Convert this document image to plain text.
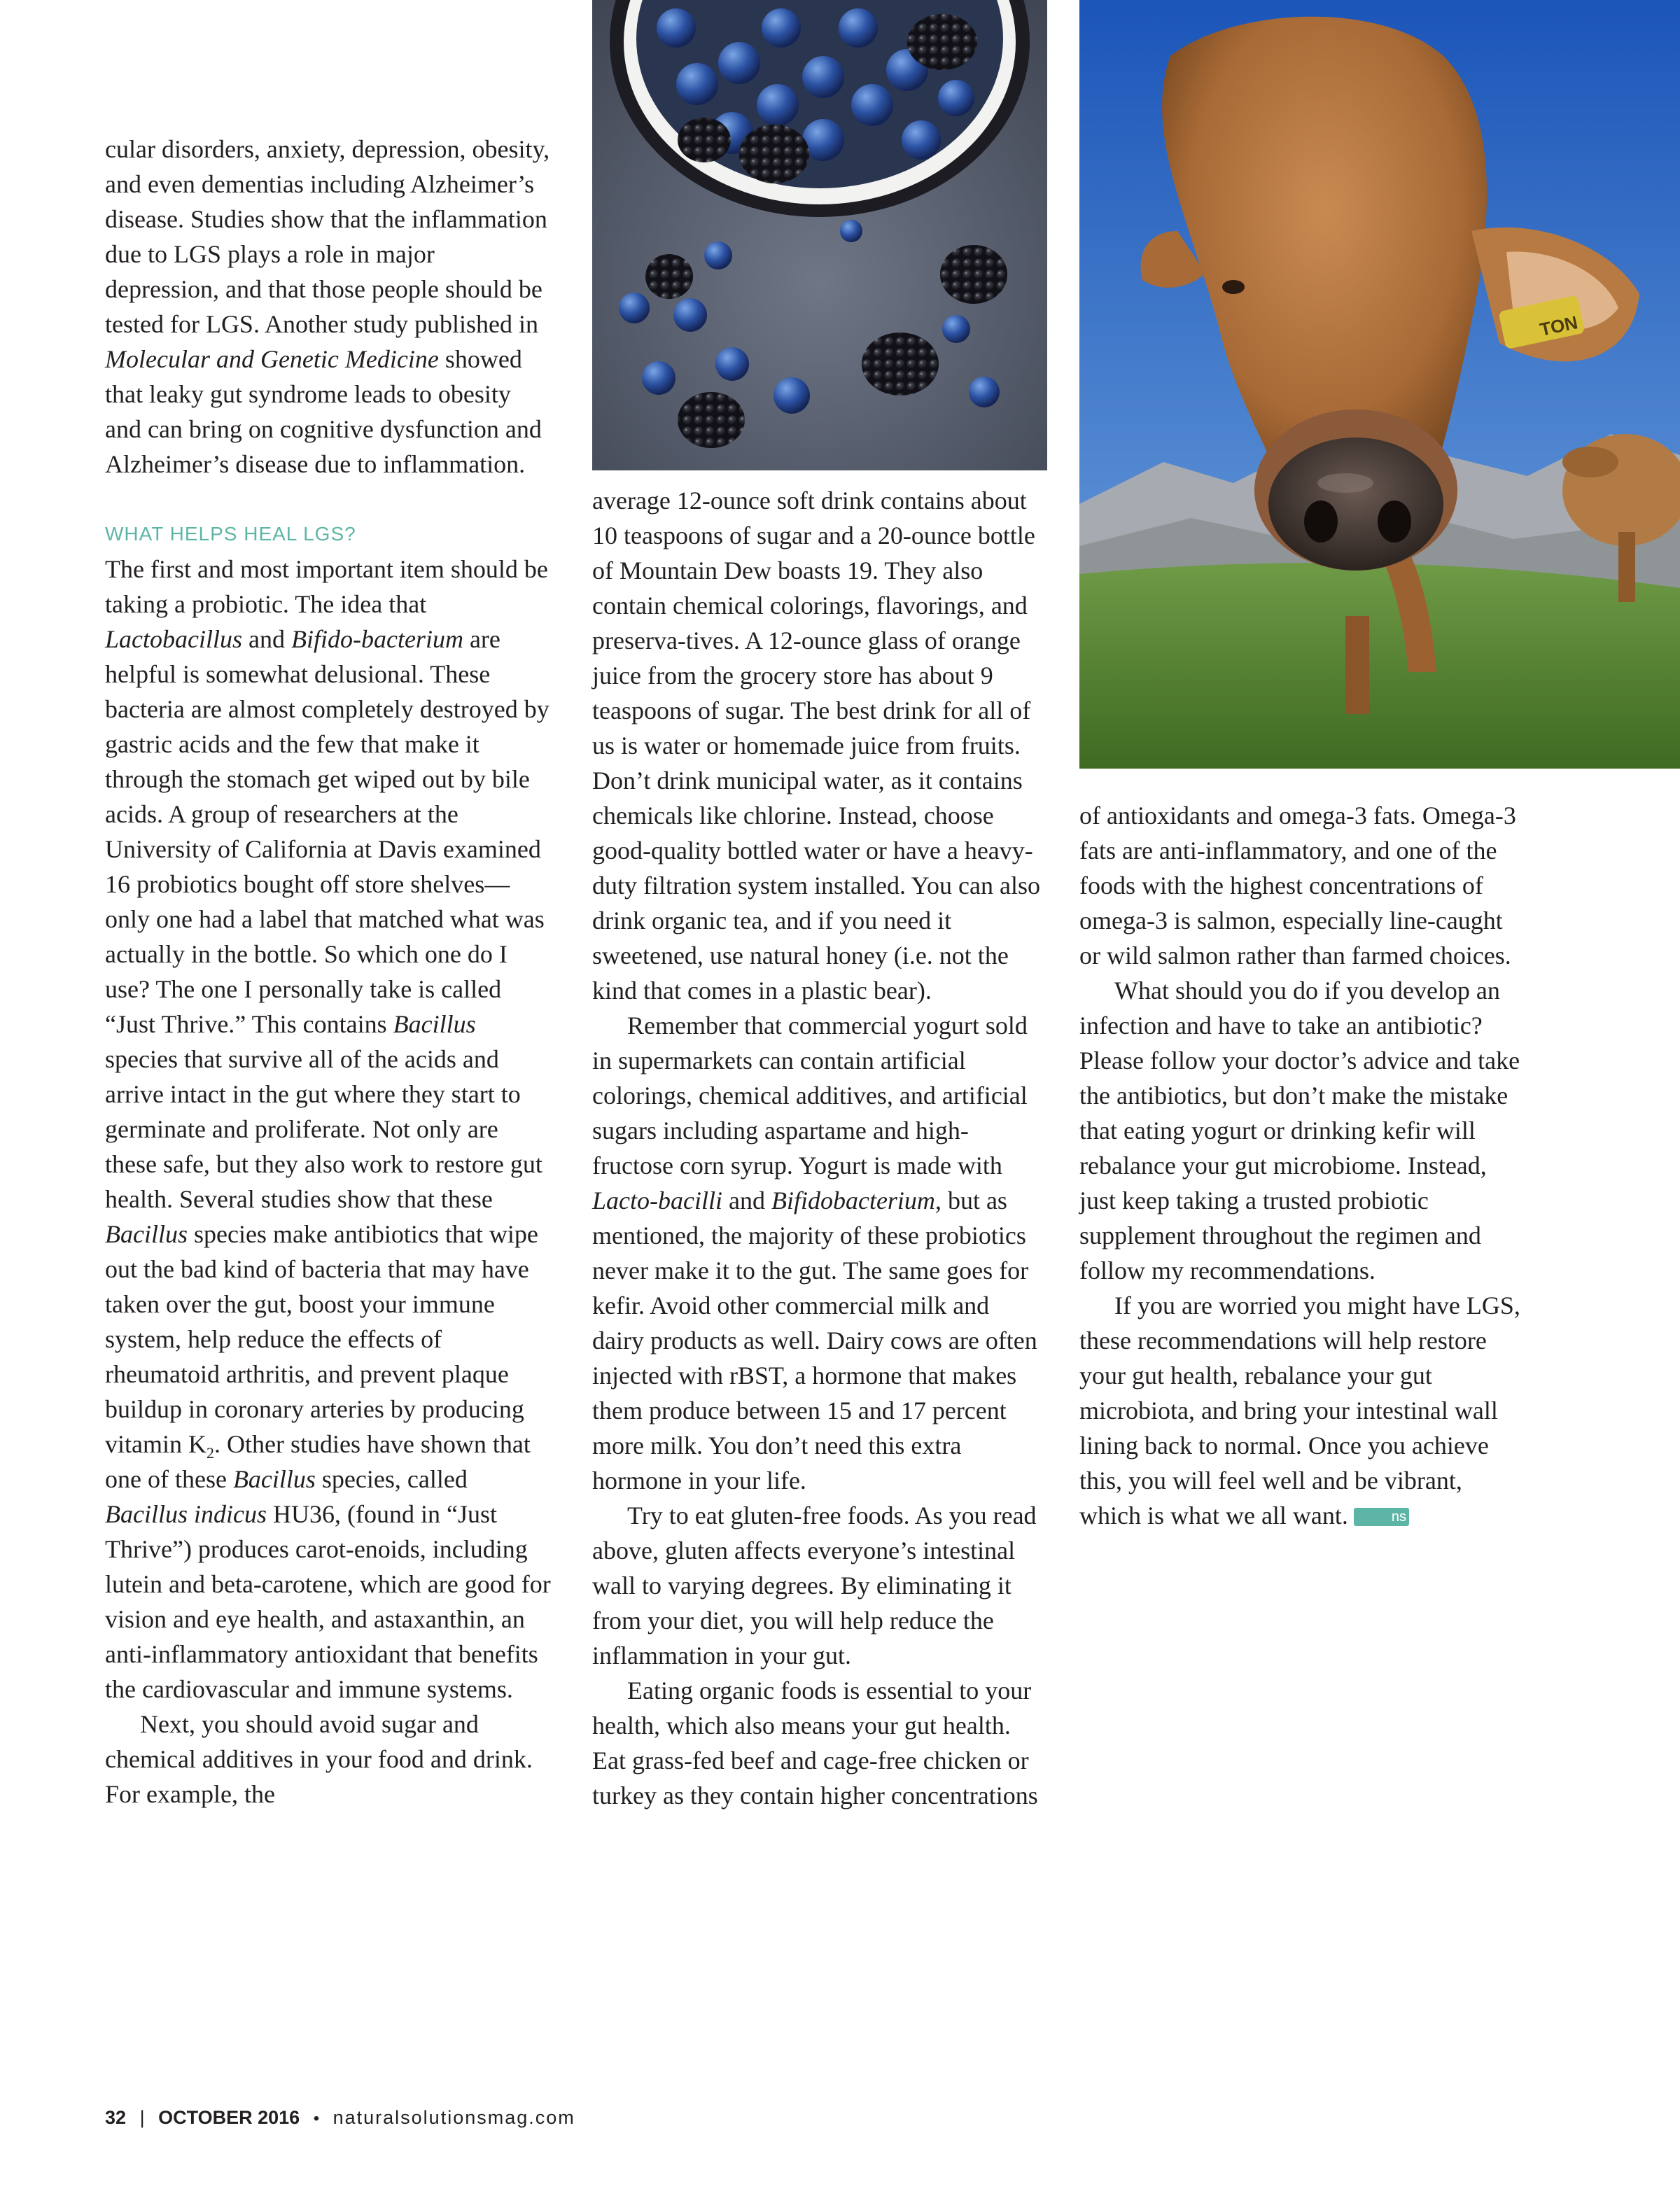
TON

cular disorders, anxiety, depression, obesity, and even dementias including Alzheimer’s disease. Studies show that the inflammation due to LGS plays a role in major depression, and that those people should be tested for LGS. Another study published in Molecular and Genetic Medicine showed that leaky gut syndrome leads to obesity and can bring on cognitive dysfunction and Alzheimer’s disease due to inflammation.

WHAT HELPS HEAL LGS?

The first and most important item should be taking a probiotic. The idea that Lactobacillus and Bifido-bacterium are helpful is somewhat delusional. These bacteria are almost completely destroyed by gastric acids and the few that make it through the stomach get wiped out by bile acids. A group of researchers at the University of California at Davis examined 16 probiotics bought off store shelves—only one had a label that matched what was actually in the bottle. So which one do I use? The one I personally take is called “Just Thrive.” This contains Bacillus species that survive all of the acids and arrive intact in the gut where they start to germinate and proliferate. Not only are these safe, but they also work to restore gut health. Several studies show that these Bacillus species make antibiotics that wipe out the bad kind of bacteria that may have taken over the gut, boost your immune system, help reduce the effects of rheumatoid arthritis, and prevent plaque buildup in coronary arteries by producing vitamin $K_2$. Other studies have shown that one of these Bacillus species, called Bacillus indicus HU36, (found in “Just Thrive”) produces carot-enoids, including lutein and beta-carotene, which are good for vision and eye health, and astaxanthin, an anti-inflammatory antioxidant that benefits the cardiovascular and immune systems.

Next, you should avoid sugar and chemical additives in your food and drink. For example, the

average 12-ounce soft drink contains about 10 teaspoons of sugar and a 20-ounce bottle of Mountain Dew boasts 19. They also contain chemical colorings, flavorings, and preserva-tives. A 12-ounce glass of orange juice from the grocery store has about 9 teaspoons of sugar. The best drink for all of us is water or homemade juice from fruits. Don’t drink municipal water, as it contains chemicals like chlorine. Instead, choose good-quality bottled water or have a heavy-duty filtration system installed. You can also drink organic tea, and if you need it sweetened, use natural honey (i.e. not the kind that comes in a plastic bear).

Remember that commercial yogurt sold in supermarkets can contain artificial colorings, chemical additives, and artificial sugars including aspartame and high-fructose corn syrup. Yogurt is made with Lacto-bacilli and Bifidobacterium, but as mentioned, the majority of these probiotics never make it to the gut. The same goes for kefir. Avoid other commercial milk and dairy products as well. Dairy cows are often injected with rBST, a hormone that makes them produce between 15 and 17 percent more milk. You don’t need this extra hormone in your life.

Try to eat gluten-free foods. As you read above, gluten affects everyone’s intestinal wall to varying degrees. By eliminating it from your diet, you will help reduce the inflammation in your gut.

Eating organic foods is essential to your health, which also means your gut health. Eat grass-fed beef and cage-free chicken or turkey as they contain higher concentrations

of antioxidants and omega-3 fats. Omega-3 fats are anti-inflammatory, and one of the foods with the highest concentrations of omega-3 is salmon, especially line-caught or wild salmon rather than farmed choices.

What should you do if you develop an infection and have to take an antibiotic? Please follow your doctor’s advice and take the antibiotics, but don’t make the mistake that eating yogurt or drinking kefir will rebalance your gut microbiome. Instead, just keep taking a trusted probiotic supplement throughout the regimen and follow my recommendations.

If you are worried you might have LGS, these recommendations will help restore your gut health, rebalance your gut microbiota, and bring your intestinal wall lining back to normal. Once you achieve this, you will feel well and be vibrant, which is what we all want.	ns

32 | OCTOBER 2016 • naturalsolutionsmag.com
